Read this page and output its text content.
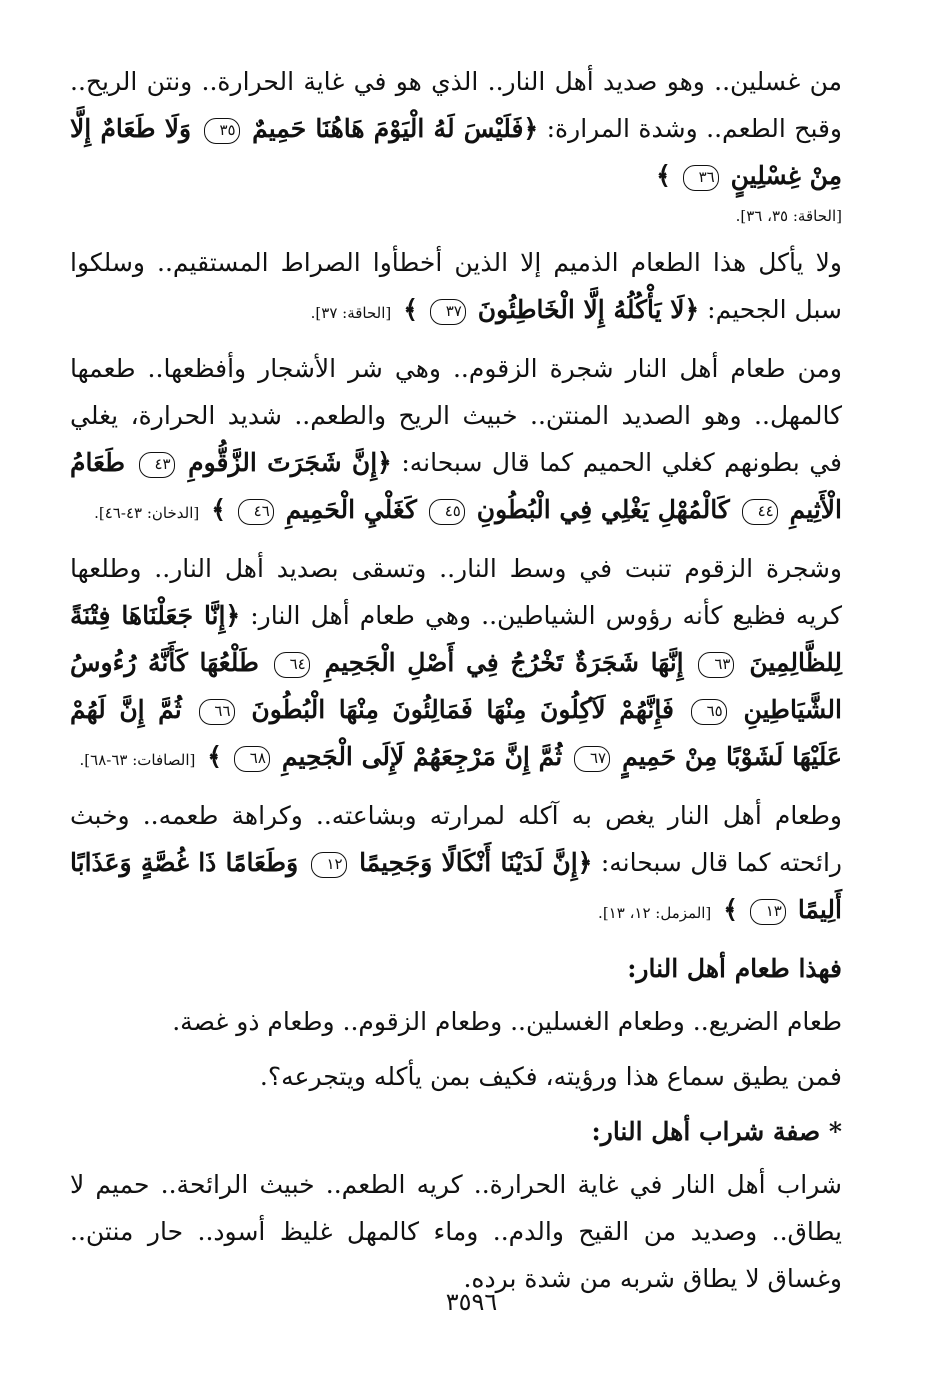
من غسلين.. وهو صديد أهل النار.. الذي هو في غاية الحرارة.. ونتن الريح.. وقبح الطعم.. وشدة المرارة: ﴿فَلَيْسَ لَهُ الْيَوْمَ هَاهُنَا حَمِيمٌ ٣٥ وَلَا طَعَامٌ إِلَّا مِنْ غِسْلِينٍ ٣٦ ﴾

[الحاقة: ٣٥، ٣٦].

ولا يأكل هذا الطعام الذميم إلا الذين أخطأوا الصراط المستقيم.. وسلكوا سبل الجحيم: ﴿لَا يَأْكُلُهُ إِلَّا الْخَاطِئُونَ ٣٧ ﴾ [الحاقة: ٣٧].

ومن طعام أهل النار شجرة الزقوم.. وهي شر الأشجار وأفظعها.. طعمها كالمهل.. وهو الصديد المنتن.. خبيث الريح والطعم.. شديد الحرارة، يغلي في بطونهم كغلي الحميم كما قال سبحانه: ﴿إِنَّ شَجَرَتَ الزَّقُّومِ ٤٣ طَعَامُ الْأَثِيمِ ٤٤ كَالْمُهْلِ يَغْلِي فِي الْبُطُونِ ٤٥ كَغَلْيِ الْحَمِيمِ ٤٦ ﴾ [الدخان: ٤٣-٤٦].

وشجرة الزقوم تنبت في وسط النار.. وتسقى بصديد أهل النار.. وطلعها كريه فظيع كأنه رؤوس الشياطين.. وهي طعام أهل النار: ﴿إِنَّا جَعَلْنَاهَا فِتْنَةً لِلظَّالِمِينَ ٦٣ إِنَّهَا شَجَرَةٌ تَخْرُجُ فِي أَصْلِ الْجَحِيمِ ٦٤ طَلْعُهَا كَأَنَّهُ رُءُوسُ الشَّيَاطِينِ ٦٥ فَإِنَّهُمْ لَآكِلُونَ مِنْهَا فَمَالِئُونَ مِنْهَا الْبُطُونَ ٦٦ ثُمَّ إِنَّ لَهُمْ عَلَيْهَا لَشَوْبًا مِنْ حَمِيمٍ ٦٧ ثُمَّ إِنَّ مَرْجِعَهُمْ لَإِلَى الْجَحِيمِ ٦٨ ﴾ [الصافات: ٦٣-٦٨].

وطعام أهل النار يغص به آكله لمرارته وبشاعته.. وكراهة طعمه.. وخبث رائحته كما قال سبحانه: ﴿إِنَّ لَدَيْنَا أَنْكَالًا وَجَحِيمًا ١٢ وَطَعَامًا ذَا غُصَّةٍ وَعَذَابًا أَلِيمًا ١٣ ﴾ [المزمل: ١٢، ١٣].

فهذا طعام أهل النار:

طعام الضريع.. وطعام الغسلين.. وطعام الزقوم.. وطعام ذو غصة.

فمن يطيق سماع هذا ورؤيته، فكيف بمن يأكله ويتجرعه؟.

* صفة شراب أهل النار:

شراب أهل النار في غاية الحرارة.. كريه الطعم.. خبيث الرائحة.. حميم لا يطاق.. وصديد من القيح والدم.. وماء كالمهل غليظ أسود.. حار منتن.. وغساق لا يطاق شربه من شدة برده.

٣٥٩٦
